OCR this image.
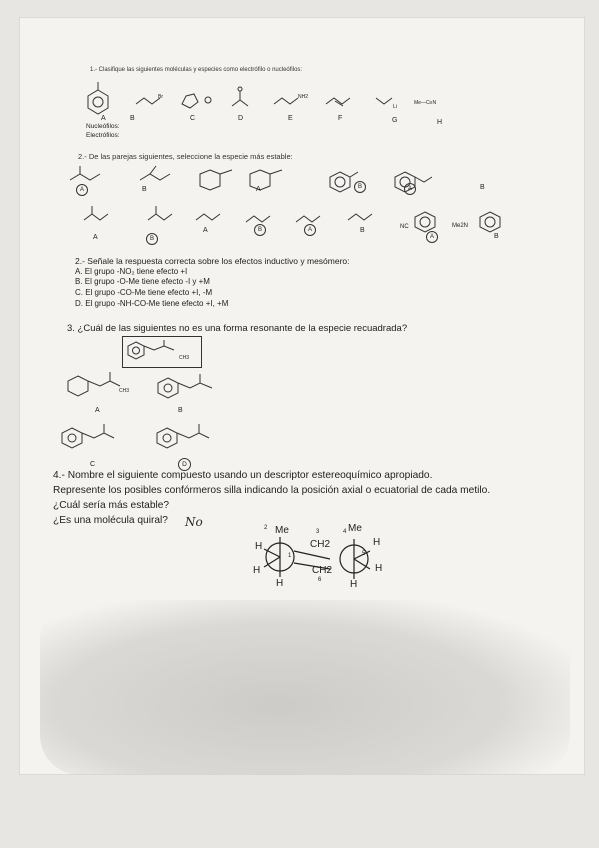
1.- Clasifique las siguientes moléculas y especies como electrófilo o nucleófilos:
Br	NH2
Li
Me—C≡N
A	B	C	D	E	F	G	H
Nucleófilos:
Electrófilos:
2.- De las parejas siguientes, seleccione la especie más estable:
A	B	A	B	A	B
NC	Me2N
A	B
A	B	A	B
A	B
2.- Señale la respuesta correcta sobre los efectos inductivo y mesómero:
A. El grupo -NO₂ tiene efecto +I
B. El grupo -O-Me tiene efecto -I y +M
C. El grupo -CO-Me tiene efecto +I, -M
D. El grupo -NH-CO-Me tiene efecto +I, +M
3. ¿Cuál de las siguientes no es una forma resonante de la especie recuadrada?
CH3
CH3
A	B
C	D
4.- Nombre el siguiente compuesto usando un descriptor estereoquímico apropiado.
Represente los posibles confórmeros silla indicando la posición axial o ecuatorial de cada metilo.
¿Cuál sería más estable?
¿Es una molécula quiral? No	2 Me
H
3
CH2
H
H
4 Me
H
CH2	H
H
5
6
1
